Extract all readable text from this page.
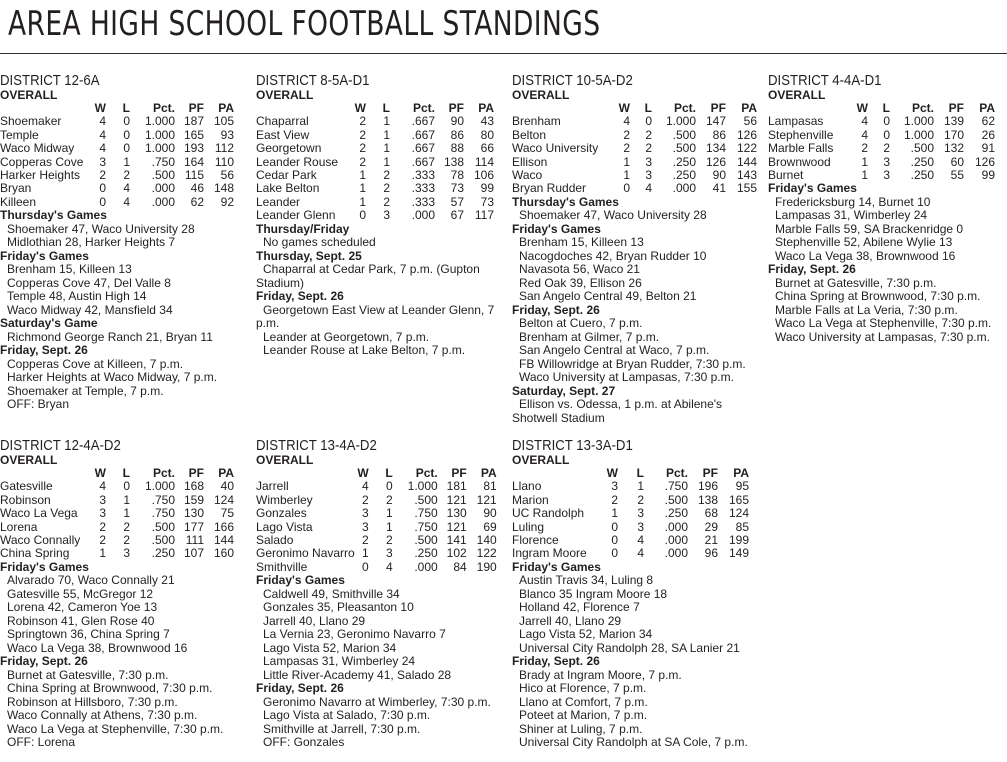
AREA HIGH SCHOOL FOOTBALL STANDINGS
DISTRICT 12-6A
OVERALL
	W	L	Pct.	PF	PA
Shoemaker	4	0	1.000	187	105
Temple	4	0	1.000	165	93
Waco Midway	4	0	1.000	193	112
Copperas Cove	3	1	.750	164	110
Harker Heights	2	2	.500	115	56
Bryan	0	4	.000	46	148
Killeen	0	4	.000	62	92
Thursday's Games
Shoemaker 47, Waco University 28
Midlothian 28, Harker Heights 7
Friday's Games
Brenham 15, Killeen 13
Copperas Cove 47, Del Valle 8
Temple 48, Austin High 14
Waco Midway 42, Mansfield 34
Saturday's Game
Richmond George Ranch 21, Bryan 11
Friday, Sept. 26
Copperas Cove at Killeen, 7 p.m.
Harker Heights at Waco Midway, 7 p.m.
Shoemaker at Temple, 7 p.m.
OFF: Bryan
DISTRICT 8-5A-D1
OVERALL
	W	L	Pct.	PF	PA
Chaparral	2	1	.667	90	43
East View	2	1	.667	86	80
Georgetown	2	1	.667	88	66
Leander Rouse	2	1	.667	138	114
Cedar Park	1	2	.333	78	106
Lake Belton	1	2	.333	73	99
Leander	1	2	.333	57	73
Leander Glenn	0	3	.000	67	117
Thursday/Friday
No games scheduled
Thursday, Sept. 25
Chaparral at Cedar Park, 7 p.m. (Gupton Stadium)
Friday, Sept. 26
Georgetown East View at Leander Glenn, 7 p.m.
Leander at Georgetown, 7 p.m.
Leander Rouse at Lake Belton, 7 p.m.
DISTRICT 10-5A-D2
OVERALL
	W	L	Pct.	PF	PA
Brenham	4	0	1.000	147	56
Belton	2	2	.500	86	126
Waco University	2	2	.500	134	122
Ellison	1	3	.250	126	144
Waco	1	3	.250	90	143
Bryan Rudder	0	4	.000	41	155
Thursday's Games
Shoemaker 47, Waco University 28
Friday's Games
Brenham 15, Killeen 13
Nacogdoches 42, Bryan Rudder 10
Navasota 56, Waco 21
Red Oak 39, Ellison 26
San Angelo Central 49, Belton 21
Friday, Sept. 26
Belton at Cuero, 7 p.m.
Brenham at Gilmer, 7 p.m.
San Angelo Central at Waco, 7 p.m.
FB Willowridge at Bryan Rudder, 7:30 p.m.
Waco University at Lampasas, 7:30 p.m.
Saturday, Sept. 27
Ellison vs. Odessa, 1 p.m. at Abilene's Shotwell Stadium
DISTRICT 4-4A-D1
OVERALL
	W	L	Pct.	PF	PA
Lampasas	4	0	1.000	139	62
Stephenville	4	0	1.000	170	26
Marble Falls	2	2	.500	132	91
Brownwood	1	3	.250	60	126
Burnet	1	3	.250	55	99
Friday's Games
Fredericksburg 14, Burnet 10
Lampasas 31, Wimberley 24
Marble Falls 59, SA Brackenridge 0
Stephenville 52, Abilene Wylie 13
Waco La Vega 38, Brownwood 16
Friday, Sept. 26
Burnet at Gatesville, 7:30 p.m.
China Spring at Brownwood, 7:30 p.m.
Marble Falls at La Veria, 7:30 p.m.
Waco La Vega at Stephenville, 7:30 p.m.
Waco University at Lampasas, 7:30 p.m.
DISTRICT 12-4A-D2
OVERALL
	W	L	Pct.	PF	PA
Gatesville	4	0	1.000	168	40
Robinson	3	1	.750	159	124
Waco La Vega	3	1	.750	130	75
Lorena	2	2	.500	177	166
Waco Connally	2	2	.500	111	144
China Spring	1	3	.250	107	160
Friday's Games
Alvarado 70, Waco Connally 21
Gatesville 55, McGregor 12
Lorena 42, Cameron Yoe 13
Robinson 41, Glen Rose 40
Springtown 36, China Spring 7
Waco La Vega 38, Brownwood 16
Friday, Sept. 26
Burnet at Gatesville, 7:30 p.m.
China Spring at Brownwood, 7:30 p.m.
Robinson at Hillsboro, 7:30 p.m.
Waco Connally at Athens, 7:30 p.m.
Waco La Vega at Stephenville, 7:30 p.m.
OFF: Lorena
DISTRICT 13-4A-D2
OVERALL
	W	L	Pct.	PF	PA
Jarrell	4	0	1.000	181	81
Wimberley	2	2	.500	121	121
Gonzales	3	1	.750	130	90
Lago Vista	3	1	.750	121	69
Salado	2	2	.500	141	140
Geronimo Navarro	1	3	.250	102	122
Smithville	0	4	.000	84	190
Friday's Games
Caldwell 49, Smithville 34
Gonzales 35, Pleasanton 10
Jarrell 40, Llano 29
La Vernia 23, Geronimo Navarro 7
Lago Vista 52, Marion 34
Lampasas 31, Wimberley 24
Little River-Academy 41, Salado 28
Friday, Sept. 26
Geronimo Navarro at Wimberley, 7:30 p.m.
Lago Vista at Salado, 7:30 p.m.
Smithville at Jarrell, 7:30 p.m.
OFF: Gonzales
DISTRICT 13-3A-D1
OVERALL
	W	L	Pct.	PF	PA
Llano	3	1	.750	196	95
Marion	2	2	.500	138	165
UC Randolph	1	3	.250	68	124
Luling	0	3	.000	29	85
Florence	0	4	.000	21	199
Ingram Moore	0	4	.000	96	149
Friday's Games
Austin Travis 34, Luling 8
Blanco 35 Ingram Moore 18
Holland 42, Florence 7
Jarrell 40, Llano 29
Lago Vista 52, Marion 34
Universal City Randolph 28, SA Lanier 21
Friday, Sept. 26
Brady at Ingram Moore, 7 p.m.
Hico at Florence, 7 p.m.
Llano at Comfort, 7 p.m.
Poteet at Marion, 7 p.m.
Shiner at Luling, 7 p.m.
Universal City Randolph at SA Cole, 7 p.m.
